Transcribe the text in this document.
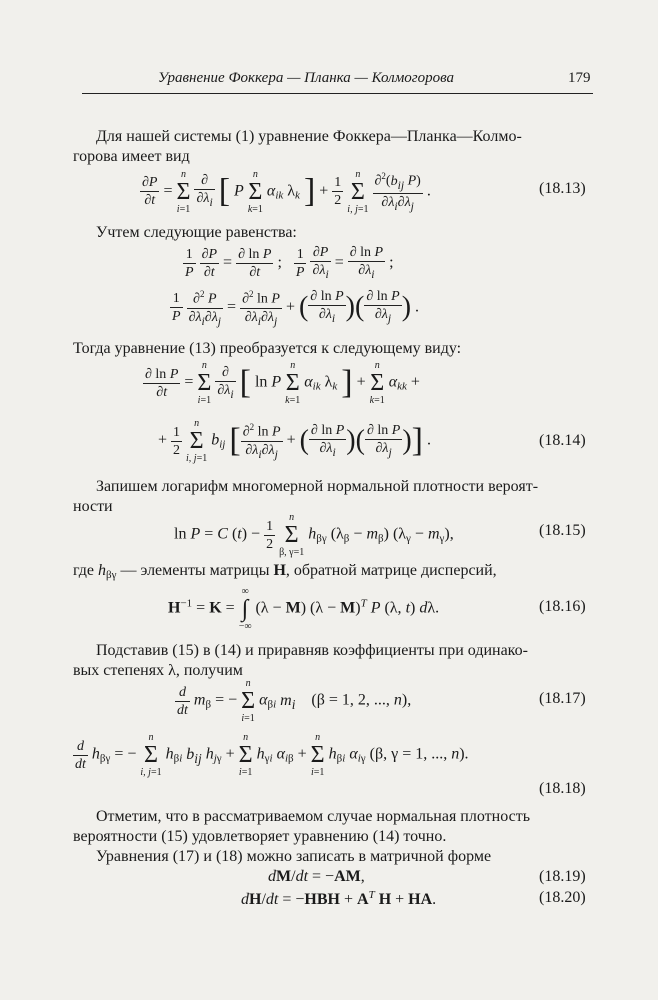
Уравнение Фоккера — Планка — Колмогорова	179
Для нашей системы (1) уравнение Фоккера—Планка—Колмо-
горова имеет вид
$\frac{\partial P}{\partial t}$ =
n
Σ
i=1
$\frac{\partial}{\partial\lambda_i}$ [ P
n
Σ
k=1
$\alpha_{ik}$ $\lambda_k$ ] + $\frac{1}{2}$
	n
Σ
i, j=1
$\frac{\partial^2(b_{ij} P)}{\partial\lambda_i\partial\lambda_j}$ .	(18.13)
Учтем следующие равенства:
$\frac{1}{P}$
$\frac{\partial P}{\partial t} = \frac{\text{∂ ln P}}{\partial t}$ ; $\frac{1}{P}$
$\frac{\partial P}{\partial\lambda_i} = \frac{\text{∂ ln P}}{\partial\lambda_i}$ ;
$\frac{1}{P}$
$\frac{\partial^2 P}{\partial\lambda_i\partial\lambda_j} = \frac{\partial^2 \ln P}{\partial\lambda_i\partial\lambda_j}$ + ( $\frac{\text{∂ ln P}}{\partial\lambda_i}$ )( $\frac{\text{∂ ln P}}{\partial\lambda_j}$ ) .
Тогда уравнение (13) преобразуется к следующему виду:
$\frac{\text{∂ ln P}}{\partial t}$ =
n
Σ
i=1
$\frac{\partial}{\partial\lambda_i}$ [ ln P
n
Σ
k=1
$\alpha_{ik}$ $\lambda_k$ ] +
n
Σ
k=1
$\alpha_{kk}$ +
+ $\frac{1}{2}$
	n
Σ
i, j=1
$b_{ij}$ [ $\frac{\partial^2 \ln P}{\partial\lambda_i\partial\lambda_j}$ + ( $\frac{\text{∂ ln P}}{\partial\lambda_i}$ )( $\frac{\text{∂ ln P}}{\partial\lambda_j}$ )] .	(18.14)
Запишем логарифм многомерной нормальной плотности вероят-
ности
ln P = C $(t) - \frac{1}{2}$
	n
Σ
β, γ=1
$h_{\beta\gamma}$ $(\lambda_\beta - m_\beta) (\lambda_\gamma - m_\gamma)$,	(18.15)
где $h_{\beta\gamma}$ — элементы матрицы H, обратной матрице дисперсий,
$H^{-1} = K$ =
∞
∫
−∞
(λ − M) $(\lambda - M)^T$ P (λ, t) dλ.	(18.16)
Подставив (15) в (14) и приравняв коэффициенты при одинако-
вых степенях λ, получим
$\frac{d}{dt} m_\beta$ = −
n
Σ
i=1
$\alpha_{\beta i}$ $m_i$    (β = 1, 2, ..., n),	(18.17)
$\frac{d}{dt} h_{\beta\gamma}$ = −
n
Σ
i, j=1
$h_{\beta i}$ $b_{ij}$ $h_{j\gamma}$ +
n
Σ
i=1
$h_{\gamma i}$ $\alpha_{i\beta}$ +
n
Σ
i=1
$h_{\beta i}$ $\alpha_{i\gamma}$ (β, γ = 1, ..., n).
(18.18)
Отметим, что в рассматриваемом случае нормальная плотность
вероятности (15) удовлетворяет уравнению (14) точно.
Уравнения (17) и (18) можно записать в матричной форме
dM/dt = −AM,	(18.19)
$dH/dt = -HBH + A^T$ H + HA.	(18.20)
